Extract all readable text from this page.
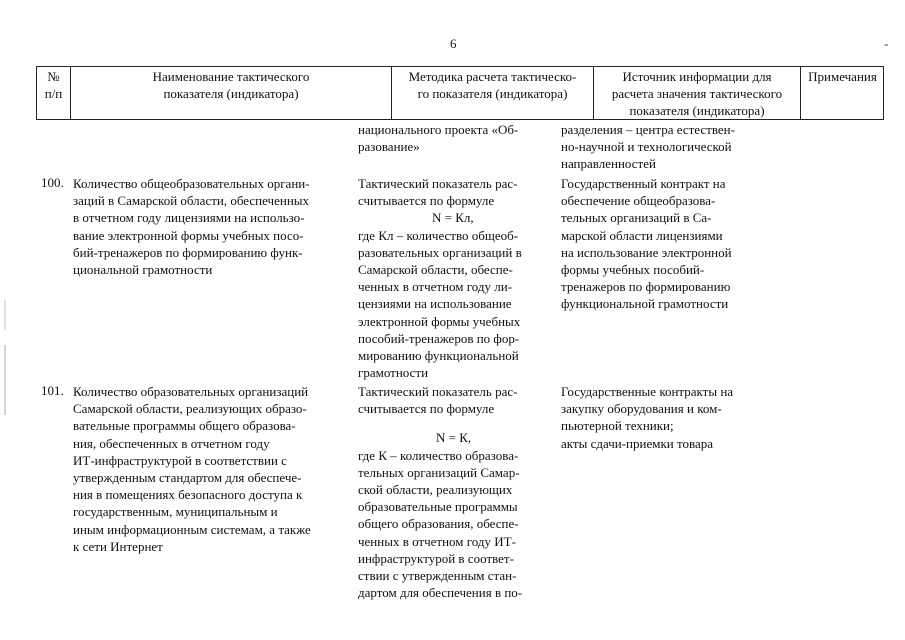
6	-
№
п/п
Наименование тактического
показателя (индикатора)
Методика расчета тактическо-
го показателя (индикатора)
Источник информации для
расчета значения тактического
показателя (индикатора)
Примечания
национального проекта «Об-
разование»
разделения – центра естествен-
но-научной и технологической
направленностей
100. Количество общеобразовательных органи-
заций в Самарской области, обеспеченных
в отчетном году лицензиями на использо-
вание электронной формы учебных посо-
бий-тренажеров по формированию функ-
циональной грамотности
Тактический показатель рас-
считывается по формуле
N = Кл,
где Кл – количество общеоб-
разовательных организаций в
Самарской области, обеспе-
ченных в отчетном году ли-
цензиями на использование
электронной формы учебных
пособий-тренажеров по фор-
мированию функциональной
грамотности
Государственный контракт на
обеспечение общеобразова-
тельных организаций в Са-
марской области лицензиями
на использование электронной
формы учебных пособий-
тренажеров по формированию
функциональной грамотности
101. Количество образовательных организаций
Самарской области, реализующих образо-
вательные программы общего образова-
ния, обеспеченных в отчетном году
ИТ-инфраструктурой в соответствии с
утвержденным стандартом для обеспече-
ния в помещениях безопасного доступа к
государственным, муниципальным и
иным информационным системам, а также
к сети Интернет
Тактический показатель рас-
считывается по формуле
N = К,
где К – количество образова-
тельных организаций Самар-
ской области, реализующих
образовательные программы
общего образования, обеспе-
ченных в отчетном году ИТ-
инфраструктурой в соответ-
ствии с утвержденным стан-
дартом для обеспечения в по-
Государственные контракты на
закупку оборудования и ком-
пьютерной техники;
акты сдачи-приемки товара
